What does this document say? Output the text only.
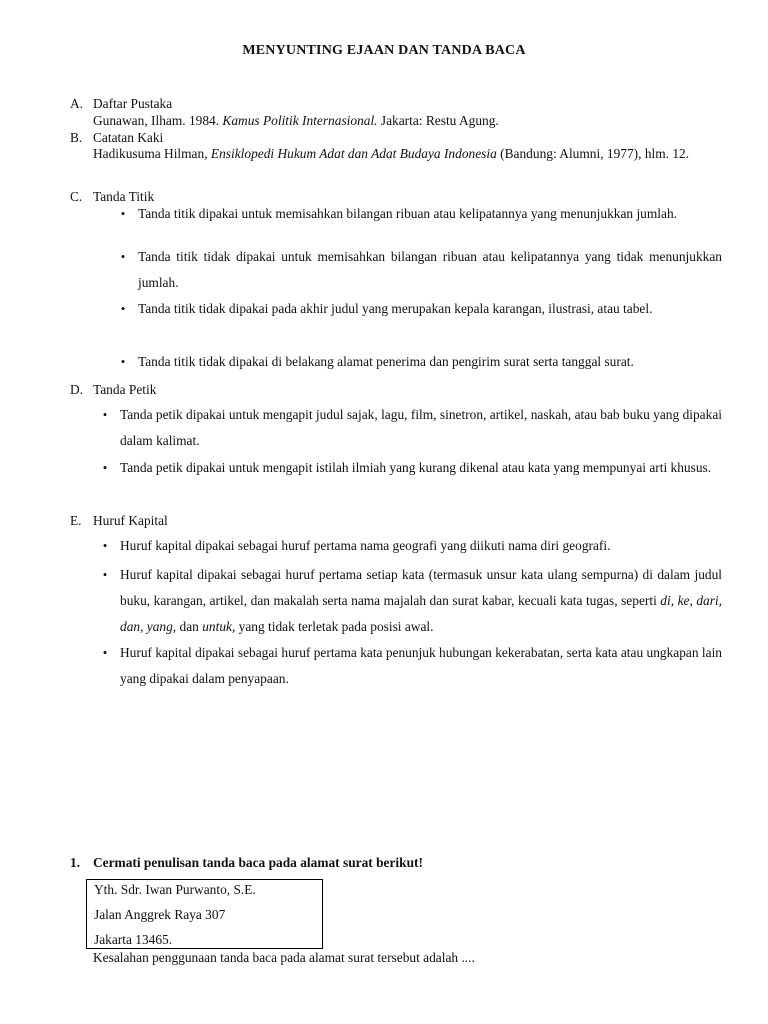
MENYUNTING EJAAN DAN TANDA BACA
A. Daftar Pustaka
Gunawan, Ilham. 1984. Kamus Politik Internasional. Jakarta: Restu Agung.
B. Catatan Kaki
Hadikusuma Hilman, Ensiklopedi Hukum Adat dan Adat Budaya Indonesia (Bandung: Alumni, 1977), hlm. 12.
C. Tanda Titik
• Tanda titik dipakai untuk memisahkan bilangan ribuan atau kelipatannya yang menunjukkan jumlah.
• Tanda titik tidak dipakai untuk memisahkan bilangan ribuan atau kelipatannya yang tidak menunjukkan jumlah.
• Tanda titik tidak dipakai pada akhir judul yang merupakan kepala karangan, ilustrasi, atau tabel.
• Tanda titik tidak dipakai di belakang alamat penerima dan pengirim surat serta tanggal surat.
D. Tanda Petik
• Tanda petik dipakai untuk mengapit judul sajak, lagu, film, sinetron, artikel, naskah, atau bab buku yang dipakai dalam kalimat.
• Tanda petik dipakai untuk mengapit istilah ilmiah yang kurang dikenal atau kata yang mempunyai arti khusus.
E. Huruf Kapital
• Huruf kapital dipakai sebagai huruf pertama nama geografi yang diikuti nama diri geografi.
• Huruf kapital dipakai sebagai huruf pertama setiap kata (termasuk unsur kata ulang sempurna) di dalam judul buku, karangan, artikel, dan makalah serta nama majalah dan surat kabar, kecuali kata tugas, seperti di, ke, dari, dan, yang, dan untuk, yang tidak terletak pada posisi awal.
• Huruf kapital dipakai sebagai huruf pertama kata penunjuk hubungan kekerabatan, serta kata atau ungkapan lain yang dipakai dalam penyapaan.
1. Cermati penulisan tanda baca pada alamat surat berikut!
Yth. Sdr. Iwan Purwanto, S.E.
Jalan Anggrek Raya 307
Jakarta 13465.
Kesalahan penggunaan tanda baca pada alamat surat tersebut adalah ....
